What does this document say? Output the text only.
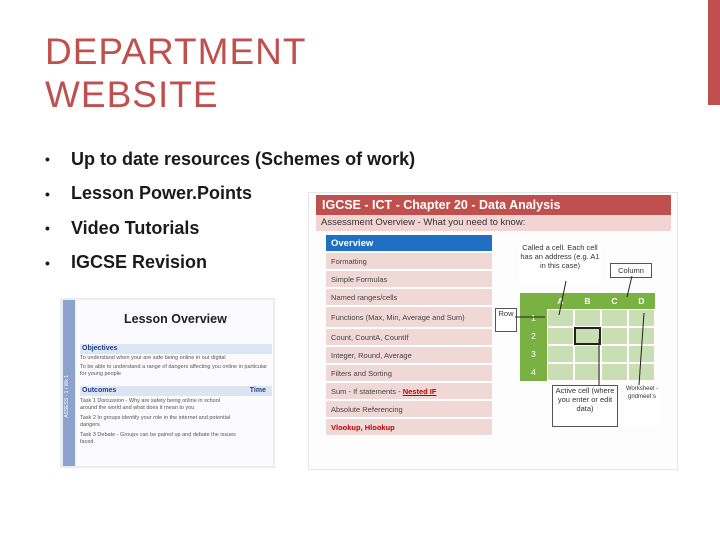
DEPARTMENT
WEBSITE
•	Up to date resources (Schemes of work)
•	Lesson Power.Points
•	Video Tutorials
•	IGCSE Revision
ASSESS - 1 / Wk 1
Lesson Overview
Objectives
To understand when your are safe being online in our digital
To be able to understand a range of dangers affecting you online in particular
for young people
Outcomes	Time
Task 1 Discussion - Why are safety being online in school
around the world and what does it mean to you
Task 2 In groups identify your role in the internet and potential
dangers
Task 3 Debate - Groups can be paired up and debate the issues
faced.
IGCSE - ICT - Chapter 20 - Data Analysis
Assessment Overview - What you need to know:
Overview
Formatting
Simple Formulas
Named ranges/cells
Functions (Max, Min, Average and Sum)
Count, CountA, CountIf
Integer, Round, Average
Filters and Sorting
Sum - If statements -
Nested IF
Absolute Referencing
Vlookup, Hlookup
Called a cell. Each cell has an address (e.g. A1 in this case)
Column
Row
Active cell (where you enter or edit data)
Worksheet - gridmeet s
A	B	C	D
1
2
3
4
